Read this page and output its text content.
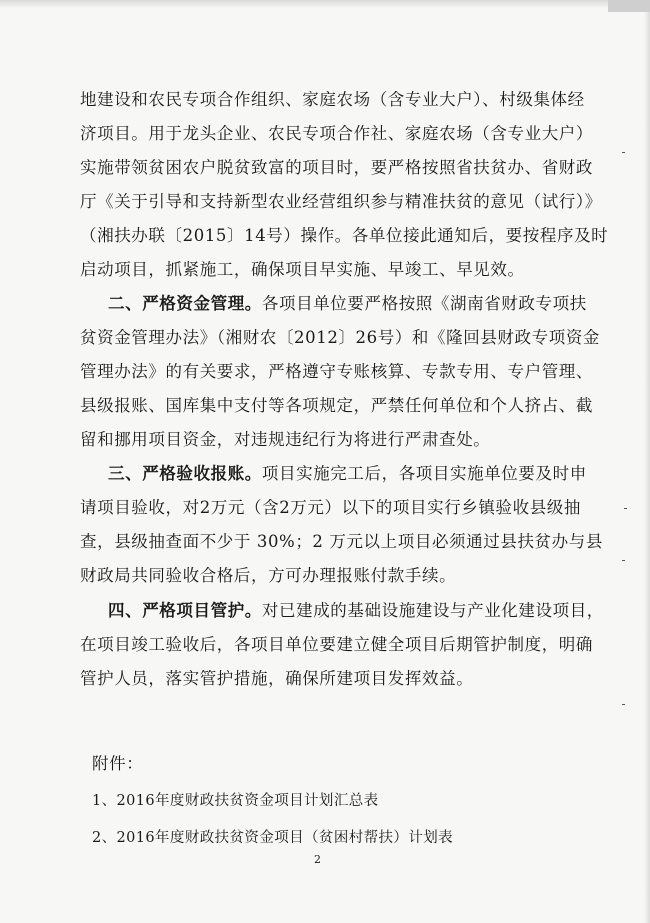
地建设和农民专项合作组织、家庭农场（含专业大户）、村级集体经
济项目。用于龙头企业、农民专项合作社、家庭农场（含专业大户）
实施带领贫困农户脱贫致富的项目时，要严格按照省扶贫办、省财政
厅《关于引导和支持新型农业经营组织参与精准扶贫的意见（试行）》
（湘扶办联〔2015〕14号）操作。各单位接此通知后，要按程序及时
启动项目，抓紧施工，确保项目早实施、早竣工、早见效。
二、严格资金管理。各项目单位要严格按照《湖南省财政专项扶
贫资金管理办法》（湘财农〔2012〕26号）和《隆回县财政专项资金
管理办法》的有关要求，严格遵守专账核算、专款专用、专户管理、
县级报账、国库集中支付等各项规定，严禁任何单位和个人挤占、截
留和挪用项目资金，对违规违纪行为将进行严肃查处。
三、严格验收报账。项目实施完工后，各项目实施单位要及时申
请项目验收，对2万元（含2万元）以下的项目实行乡镇验收县级抽
查，县级抽查面不少于 30%；2 万元以上项目必须通过县扶贫办与县
财政局共同验收合格后，方可办理报账付款手续。
四、严格项目管护。对已建成的基础设施建设与产业化建设项目，
在项目竣工验收后，各项目单位要建立健全项目后期管护制度，明确
管护人员，落实管护措施，确保所建项目发挥效益。
附件：
1、2016年度财政扶贫资金项目计划汇总表
2、2016年度财政扶贫资金项目（贫困村帮扶）计划表
2
